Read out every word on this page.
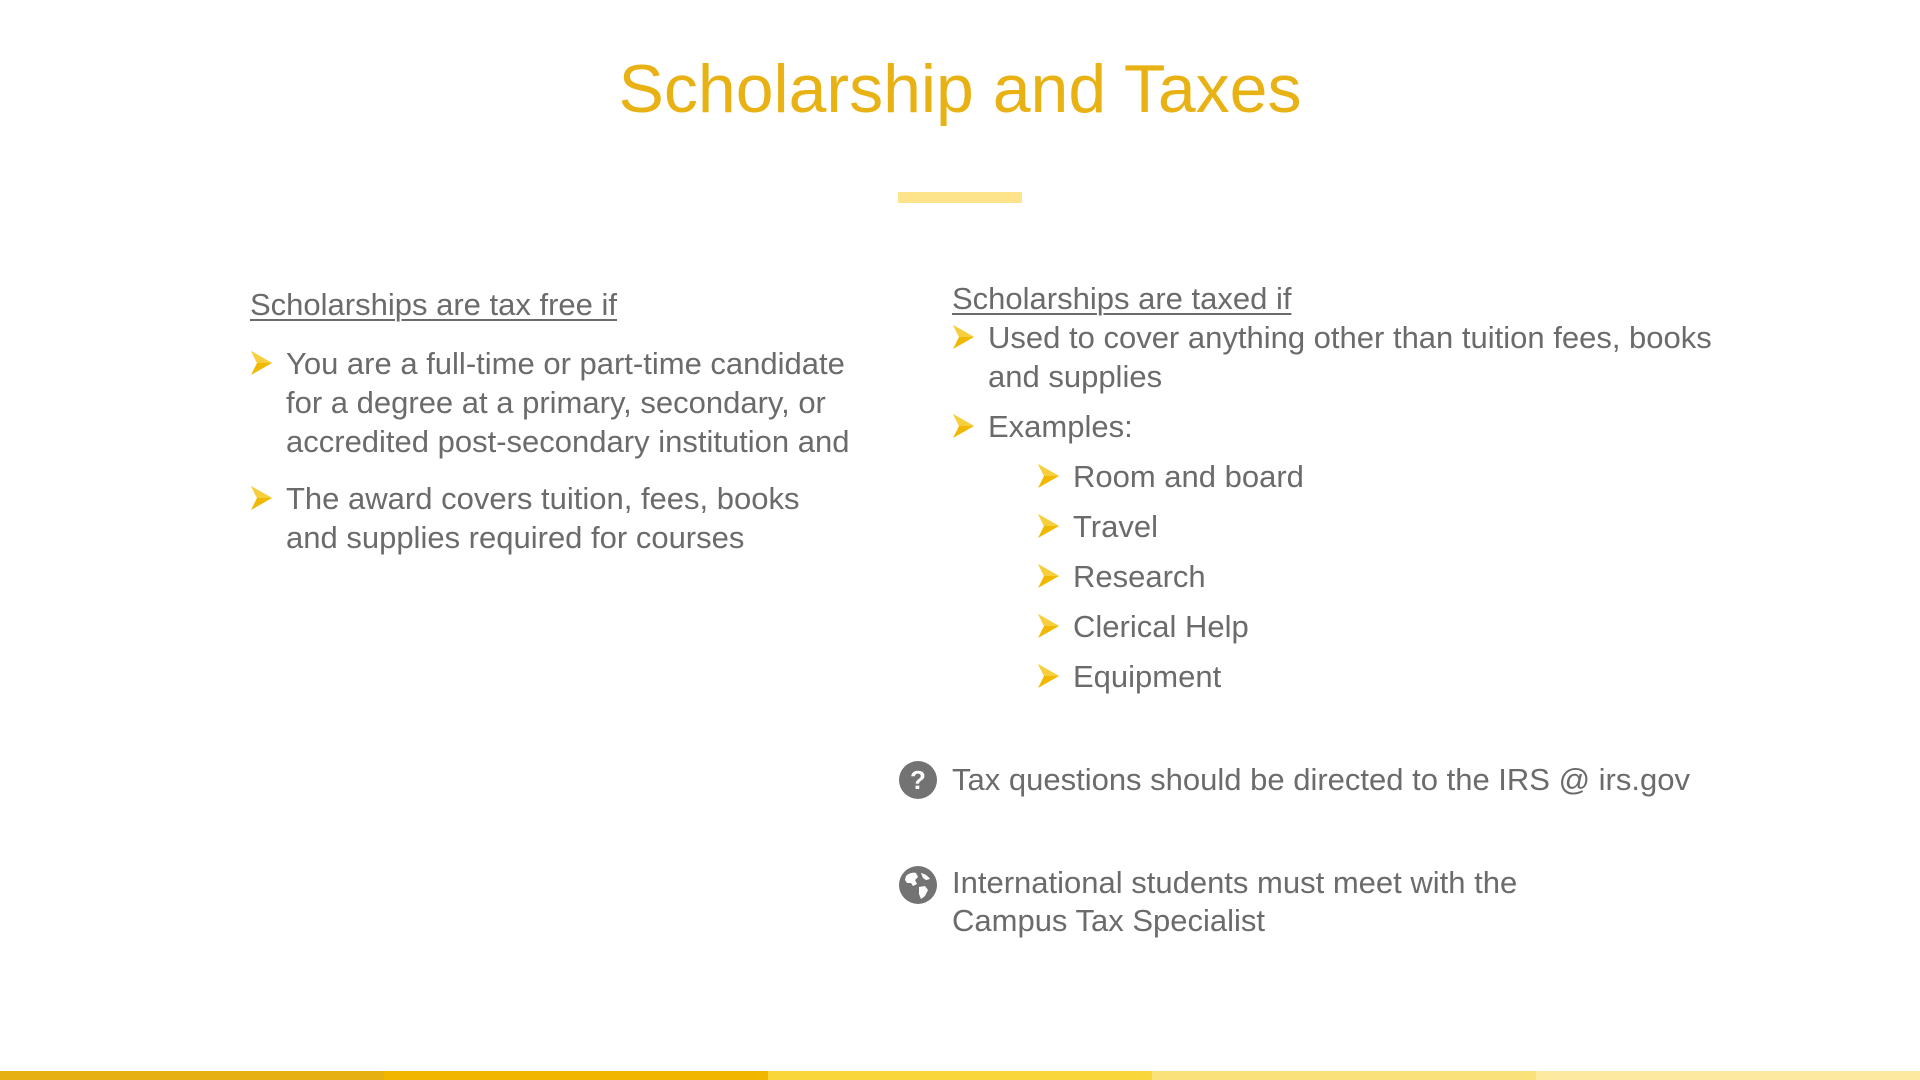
Scholarship and Taxes

Scholarships are tax free if

You are a full-time or part-time candidate for a degree at a primary, secondary, or accredited post-secondary institution and
The award covers tuition, fees, books and supplies required for courses

Scholarships are taxed if

Used to cover anything other than tuition fees, books and supplies
Examples:
Room and board
Travel
Research
Clerical Help
Equipment
? Tax questions should be directed to the IRS @ irs.gov
International students must meet with the
Campus Tax Specialist
